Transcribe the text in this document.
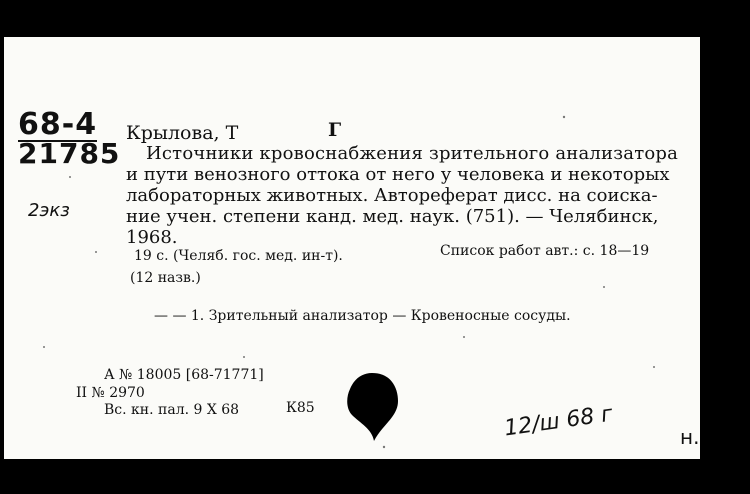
68-4
21785
2экз
Крылова, Т	Г
Источники кровоснабжения зрительного анализатора
и пути венозного оттока от него у человека и некоторых
лабораторных животных. Автореферат дисс. на соиска-
ние учен. степени канд. мед. наук. (751). — Челябинск,
1968.
19 с. (Челяб. гос. мед. ин-т).	Список работ авт.: с. 18—19
(12 назв.)
— — 1. Зрительный анализатор — Кровеносные сосуды.
А № 18005 [68-71771]
II № 2970
Вс. кн. пал. 9 X 68	К85	12/ш 68 г	н.
